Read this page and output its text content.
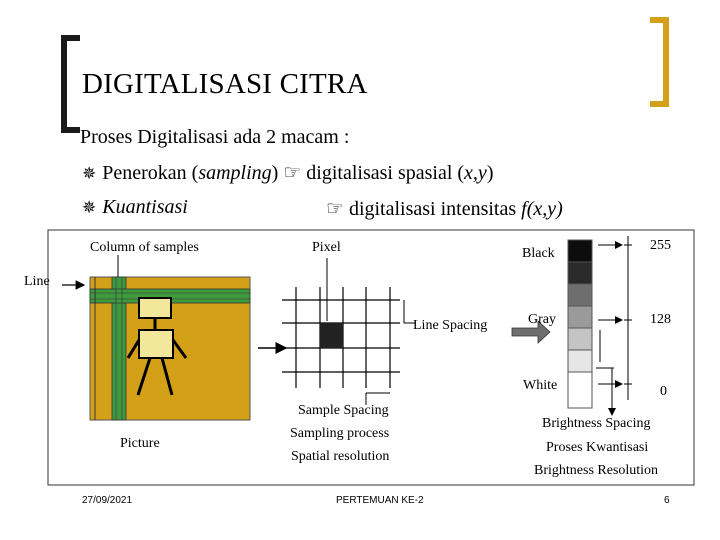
DIGITALISASI CITRA
Proses Digitalisasi ada 2 macam :
✵ Penerokan (sampling) ☞ digitalisasi spasial (x,y)
✵ Kuantisasi	☞ digitalisasi intensitas f(x,y)
Column of samples	Pixel
Line
Line Spacing
Picture
Sample Spacing
Sampling process
Spatial resolution
Black
Gray
White
255
128
0
Brightness Spacing
Proses Kwantisasi
Brightness Resolution
27/09/2021	PERTEMUAN KE-2	6
